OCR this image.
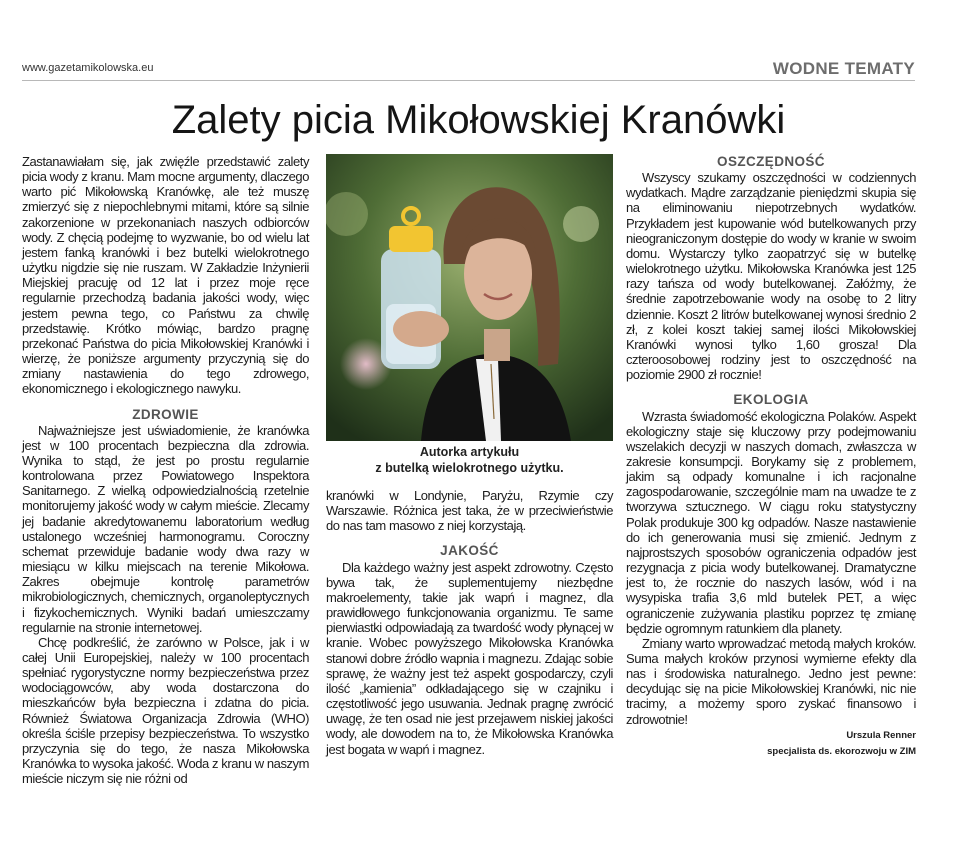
www.gazetamikolowska.eu	WODNE TEMATY
Zalety picia Mikołowskiej Kranówki

Zastanawiałam się, jak zwięźle przedstawić zalety picia wody z kranu. Mam mocne argumenty, dlaczego warto pić Mikołowską Kranówkę, ale też muszę zmierzyć się z niepochlebnymi mitami, które są silnie zakorzenione w przekonaniach naszych odbiorców wody. Z chęcią podejmę to wyzwanie, bo od wielu lat jestem fanką kranówki i bez butelki wielokrotnego użytku nigdzie się nie ruszam. W Zakładzie Inżynierii Miejskiej pracuję od 12 lat i przez moje ręce regularnie przechodzą badania jakości wody, więc jestem pewna tego, co Państwu za chwilę przedstawię. Krótko mówiąc, bardzo pragnę przekonać Państwa do picia Mikołowskiej Kranówki i wierzę, że poniższe argumenty przyczynią się do zmiany nastawienia do tego zdrowego, ekonomicznego i ekologicznego nawyku.

ZDROWIE

Najważniejsze jest uświadomienie, że kranówka jest w 100 procentach bezpieczna dla zdrowia. Wynika to stąd, że jest po prostu regularnie kontrolowana przez Powiatowego Inspektora Sanitarnego. Z wielką odpowiedzialnością rzetelnie monitorujemy jakość wody w całym mieście. Zlecamy jej badanie akredytowanemu laboratorium według ustalonego wcześniej harmonogramu. Coroczny schemat przewiduje badanie wody dwa razy w miesiącu w kilku miejscach na terenie Mikołowa. Zakres obejmuje kontrolę parametrów mikrobiologicznych, chemicznych, organoleptycznych i fizykochemicznych. Wyniki badań umieszczamy regularnie na stronie internetowej.

Chcę podkreślić, że zarówno w Polsce, jak i w całej Unii Europejskiej, należy w 100 procentach spełniać rygorystyczne normy bezpieczeństwa przez wodociągowców, aby woda dostarczona do mieszkańców była bezpieczna i zdatna do picia. Również Światowa Organizacja Zdrowia (WHO) określa ściśle przepisy bezpieczeństwa. To wszystko przyczynia się do tego, że nasza Mikołowska Kranówka to wysoka jakość. Woda z kranu w naszym mieście niczym się nie różni od

Autorka artykułu
z butelką wielokrotnego użytku.

kranówki w Londynie, Paryżu, Rzymie czy Warszawie. Różnica jest taka, że w przeciwieństwie do nas tam masowo z niej korzystają.

JAKOŚĆ

Dla każdego ważny jest aspekt zdrowotny. Często bywa tak, że suplementujemy niezbędne makroelementy, takie jak wapń i magnez, dla prawidłowego funkcjonowania organizmu. Te same pierwiastki odpowiadają za twardość wody płynącej w kranie. Wobec powyższego Mikołowska Kranówka stanowi dobre źródło wapnia i magnezu. Zdając sobie sprawę, że ważny jest też aspekt gospodarczy, czyli ilość „kamienia” odkładającego się w czajniku i częstotliwość jego usuwania. Jednak pragnę zwrócić uwagę, że ten osad nie jest przejawem niskiej jakości wody, ale dowodem na to, że Mikołowska Kranówka jest bogata w wapń i magnez.

OSZCZĘDNOŚĆ

Wszyscy szukamy oszczędności w codziennych wydatkach. Mądre zarządzanie pieniędzmi skupia się na eliminowaniu niepotrzebnych wydatków. Przykładem jest kupowanie wód butelkowanych przy nieograniczonym dostępie do wody w kranie w swoim domu. Wystarczy tylko zaopatrzyć się w butelkę wielokrotnego użytku. Mikołowska Kranówka jest 125 razy tańsza od wody butelkowanej. Załóżmy, że średnie zapotrzebowanie wody na osobę to 2 litry dziennie. Koszt 2 litrów butelkowanej wynosi średnio 2 zł, z kolei koszt takiej samej ilości Mikołowskiej Kranówki wynosi tylko 1,60 grosza! Dla czteroosobowej rodziny jest to oszczędność na poziomie 2900 zł rocznie!

EKOLOGIA

Wzrasta świadomość ekologiczna Polaków. Aspekt ekologiczny staje się kluczowy przy podejmowaniu wszelakich decyzji w naszych domach, zwłaszcza w zakresie konsumpcji. Borykamy się z problemem, jakim są odpady komunalne i ich racjonalne zagospodarowanie, szczególnie mam na uwadze te z tworzywa sztucznego. W ciągu roku statystyczny Polak produkuje 300 kg odpadów. Nasze nastawienie do ich generowania musi się zmienić. Jednym z najprostszych sposobów ograniczenia odpadów jest rezygnacja z picia wody butelkowanej. Dramatyczne jest to, że rocznie do naszych lasów, wód i na wysypiska trafia 3,6 mld butelek PET, a więc ograniczenie zużywania plastiku poprzez tę zmianę będzie ogromnym ratunkiem dla planety.

Zmiany warto wprowadzać metodą małych kroków. Suma małych kroków przynosi wymierne efekty dla nas i środowiska naturalnego. Jedno jest pewne: decydując się na picie Mikołowskiej Kranówki, nic nie tracimy, a możemy sporo zyskać finansowo i zdrowotnie!

Urszula Renner
specjalista ds. ekorozwoju w ZIM
